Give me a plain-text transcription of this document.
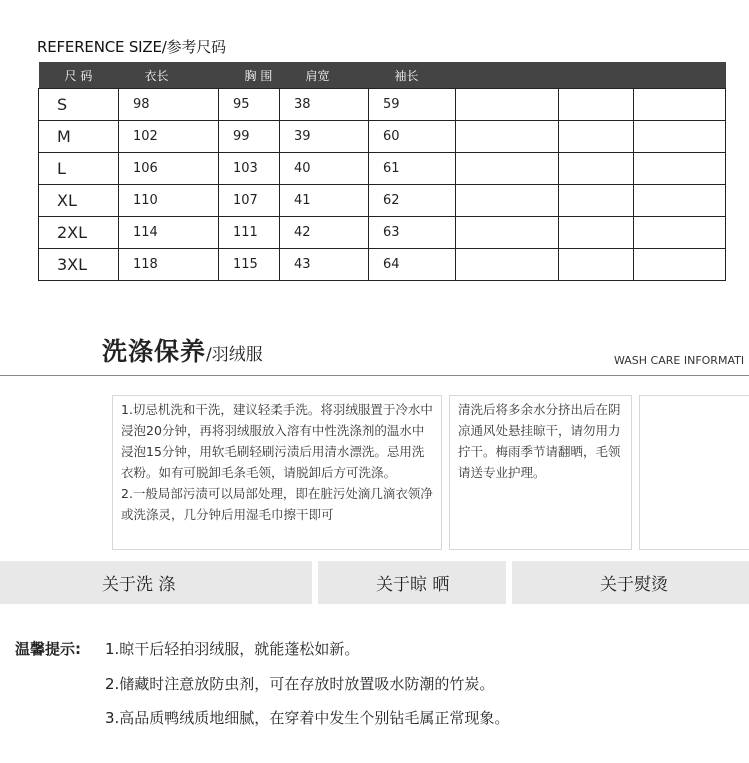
REFERENCE SIZE/参考尺码
尺 码	衣长	胸 围	肩宽	袖长			
S	98	95	38	59			
M	102	99	39	60			
L	106	103	40	61			
XL	110	107	41	62			
2XL	114	111	42	63			
3XL	118	115	43	64			
洗涤保养/羽绒服	WASH CARE INFORMATI

1.切忌机洗和干洗，建议轻柔手洗。将羽绒服置于冷水中浸泡20分钟，再将羽绒服放入溶有中性洗涤剂的温水中浸泡15分钟，用软毛刷轻刷污渍后用清水漂洗。忌用洗衣粉。如有可脱卸毛条毛领，请脱卸后方可洗涤。

2.一般局部污渍可以局部处理，即在脏污处滴几滴衣领净或洗涤灵，几分钟后用湿毛巾擦干即可

清洗后将多余水分挤出后在阴凉通风处悬挂晾干，请勿用力拧干。梅雨季节请翻晒，毛领请送专业护理。

关于洗 涤	关于晾 晒	关于熨烫
温馨提示: 1.晾干后轻拍羽绒服，就能蓬松如新。
2.储藏时注意放防虫剂，可在存放时放置吸水防潮的竹炭。
3.高品质鸭绒质地细腻，在穿着中发生个别钻毛属正常现象。
